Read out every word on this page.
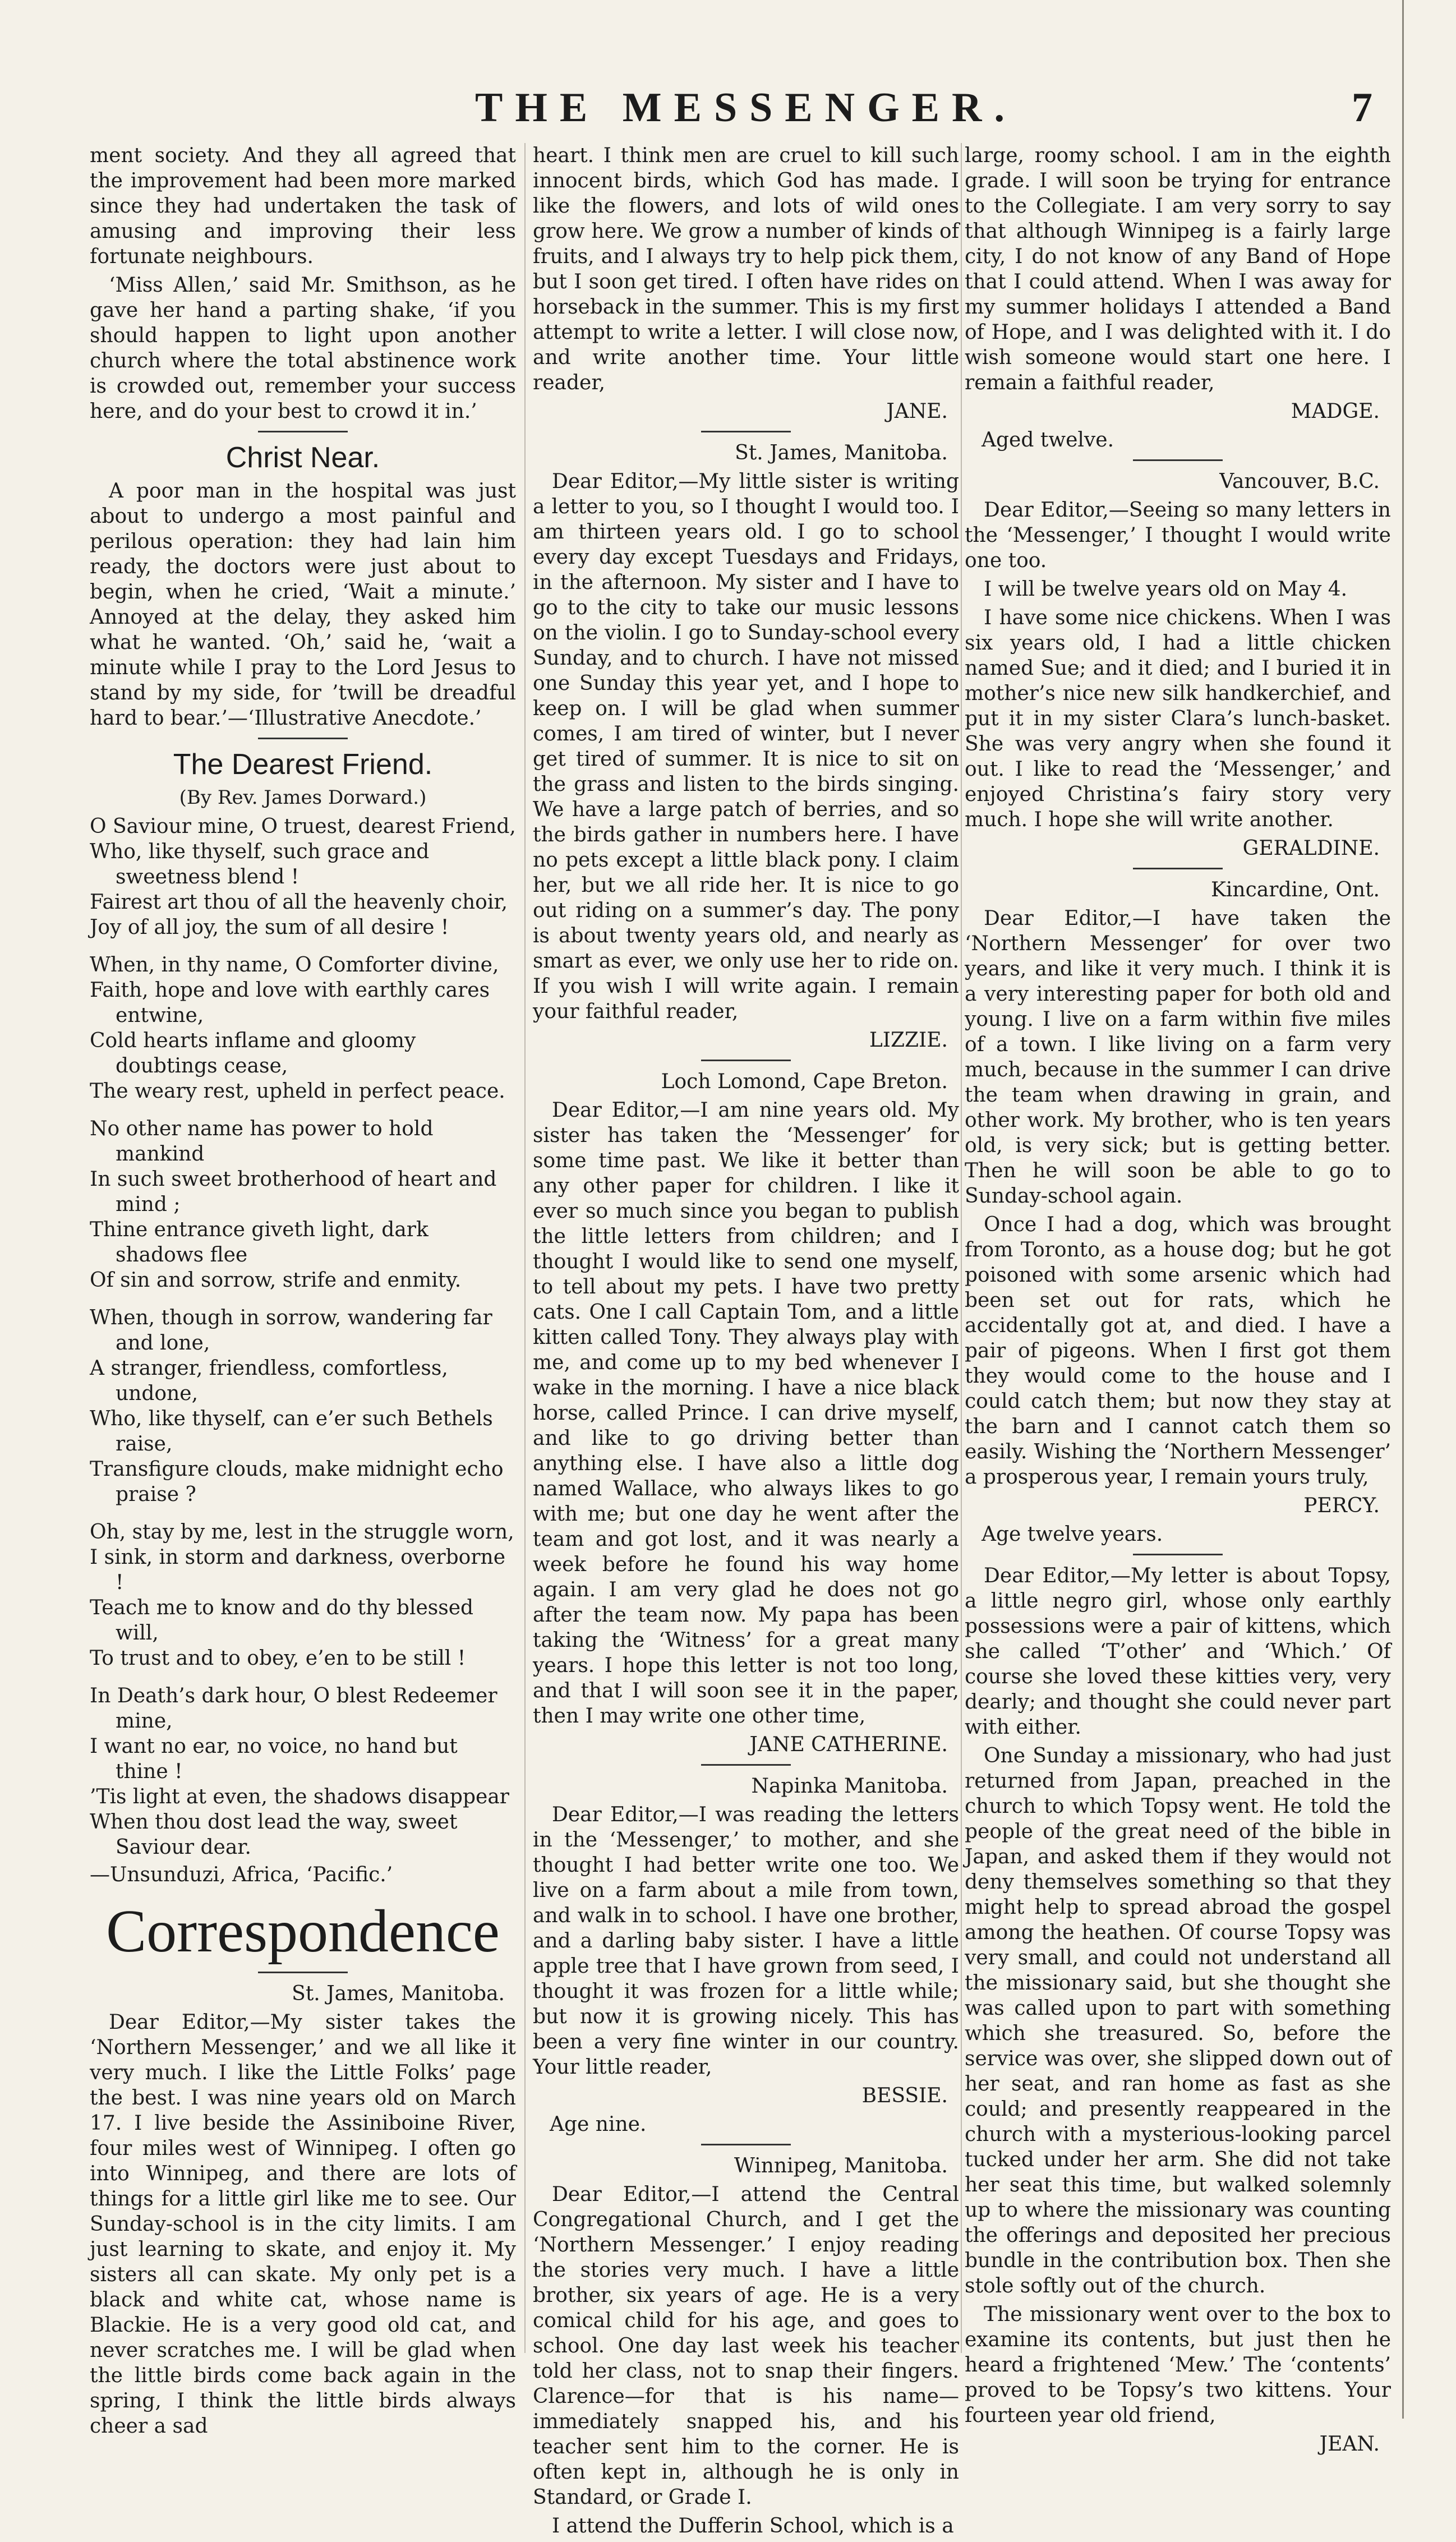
THE MESSENGER.	7

ment society. And they all agreed that the improvement had been more marked since they had undertaken the task of amusing and improving their less fortunate neighbours.

‘Miss Allen,’ said Mr. Smithson, as he gave her hand a parting shake, ‘if you should happen to light upon another church where the total abstinence work is crowded out, remember your success here, and do your best to crowd it in.’

Christ Near.

A poor man in the hospital was just about to undergo a most painful and perilous operation: they had lain him ready, the doctors were just about to begin, when he cried, ‘Wait a minute.’ Annoyed at the delay, they asked him what he wanted. ‘Oh,’ said he, ‘wait a minute while I pray to the Lord Jesus to stand by my side, for ’twill be dreadful hard to bear.’—‘Illustrative Anecdote.’

The Dearest Friend.
(By Rev. James Dorward.)
O Saviour mine, O truest, dearest Friend,
Who, like thyself, such grace and sweetness blend !
Fairest art thou of all the heavenly choir,
Joy of all joy, the sum of all desire !
When, in thy name, O Comforter divine,
Faith, hope and love with earthly cares entwine,
Cold hearts inflame and gloomy doubtings cease,
The weary rest, upheld in perfect peace.
No other name has power to hold mankind
In such sweet brotherhood of heart and mind ;
Thine entrance giveth light, dark shadows flee
Of sin and sorrow, strife and enmity.
When, though in sorrow, wandering far and lone,
A stranger, friendless, comfortless, undone,
Who, like thyself, can e’er such Bethels raise,
Transfigure clouds, make midnight echo praise ?
Oh, stay by me, lest in the struggle worn,
I sink, in storm and darkness, overborne !
Teach me to know and do thy blessed will,
To trust and to obey, e’en to be still !
In Death’s dark hour, O blest Redeemer mine,
I want no ear, no voice, no hand but thine !
’Tis light at even, the shadows disappear
When thou dost lead the way, sweet Saviour dear.

—Unsunduzi, Africa, ‘Pacific.’

Correspondence

St. James, Manitoba.

Dear Editor,—My sister takes the ‘Northern Messenger,’ and we all like it very much. I like the Little Folks’ page the best. I was nine years old on March 17. I live beside the Assiniboine River, four miles west of Winnipeg. I often go into Winnipeg, and there are lots of things for a little girl like me to see. Our Sunday-school is in the city limits. I am just learning to skate, and enjoy it. My sisters all can skate. My only pet is a black and white cat, whose name is Blackie. He is a very good old cat, and never scratches me. I will be glad when the little birds come back again in the spring, I think the little birds always cheer a sad

heart. I think men are cruel to kill such innocent birds, which God has made. I like the flowers, and lots of wild ones grow here. We grow a number of kinds of fruits, and I always try to help pick them, but I soon get tired. I often have rides on horseback in the summer. This is my first attempt to write a letter. I will close now, and write another time. Your little reader,

JANE.

St. James, Manitoba.

Dear Editor,—My little sister is writing a letter to you, so I thought I would too. I am thirteen years old. I go to school every day except Tuesdays and Fridays, in the afternoon. My sister and I have to go to the city to take our music lessons on the violin. I go to Sunday-school every Sunday, and to church. I have not missed one Sunday this year yet, and I hope to keep on. I will be glad when summer comes, I am tired of winter, but I never get tired of summer. It is nice to sit on the grass and listen to the birds singing. We have a large patch of berries, and so the birds gather in numbers here. I have no pets except a little black pony. I claim her, but we all ride her. It is nice to go out riding on a summer’s day. The pony is about twenty years old, and nearly as smart as ever, we only use her to ride on. If you wish I will write again. I remain your faithful reader,

LIZZIE.

Loch Lomond, Cape Breton.

Dear Editor,—I am nine years old. My sister has taken the ‘Messenger’ for some time past. We like it better than any other paper for children. I like it ever so much since you began to publish the little letters from children; and I thought I would like to send one myself, to tell about my pets. I have two pretty cats. One I call Captain Tom, and a little kitten called Tony. They always play with me, and come up to my bed whenever I wake in the morning. I have a nice black horse, called Prince. I can drive myself, and like to go driving better than anything else. I have also a little dog named Wallace, who always likes to go with me; but one day he went after the team and got lost, and it was nearly a week before he found his way home again. I am very glad he does not go after the team now. My papa has been taking the ‘Witness’ for a great many years. I hope this letter is not too long, and that I will soon see it in the paper, then I may write one other time,

JANE CATHERINE.

Napinka Manitoba.

Dear Editor,—I was reading the letters in the ‘Messenger,’ to mother, and she thought I had better write one too. We live on a farm about a mile from town, and walk in to school. I have one brother, and a darling baby sister. I have a little apple tree that I have grown from seed, I thought it was frozen for a little while; but now it is growing nicely. This has been a very fine winter in our country. Your little reader,

BESSIE.

Age nine.

Winnipeg, Manitoba.

Dear Editor,—I attend the Central Congregational Church, and I get the ‘Northern Messenger.’ I enjoy reading the stories very much. I have a little brother, six years of age. He is a very comical child for his age, and goes to school. One day last week his teacher told her class, not to snap their fingers. Clarence—for that is his name—immediately snapped his, and his teacher sent him to the corner. He is often kept in, although he is only in Standard, or Grade I.

I attend the Dufferin School, which is a

large, roomy school. I am in the eighth grade. I will soon be trying for entrance to the Collegiate. I am very sorry to say that although Winnipeg is a fairly large city, I do not know of any Band of Hope that I could attend. When I was away for my summer holidays I attended a Band of Hope, and I was delighted with it. I do wish someone would start one here. I remain a faithful reader,

MADGE.

Aged twelve.

Vancouver, B.C.

Dear Editor,—Seeing so many letters in the ‘Messenger,’ I thought I would write one too.

I will be twelve years old on May 4.

I have some nice chickens. When I was six years old, I had a little chicken named Sue; and it died; and I buried it in mother’s nice new silk handkerchief, and put it in my sister Clara’s lunch-basket. She was very angry when she found it out. I like to read the ‘Messenger,’ and enjoyed Christina’s fairy story very much. I hope she will write another.

GERALDINE.

Kincardine, Ont.

Dear Editor,—I have taken the ‘Northern Messenger’ for over two years, and like it very much. I think it is a very interesting paper for both old and young. I live on a farm within five miles of a town. I like living on a farm very much, because in the summer I can drive the team when drawing in grain, and other work. My brother, who is ten years old, is very sick; but is getting better. Then he will soon be able to go to Sunday-school again.

Once I had a dog, which was brought from Toronto, as a house dog; but he got poisoned with some arsenic which had been set out for rats, which he accidentally got at, and died. I have a pair of pigeons. When I first got them they would come to the house and I could catch them; but now they stay at the barn and I cannot catch them so easily. Wishing the ‘Northern Messenger’ a prosperous year, I remain yours truly,

PERCY.

Age twelve years.

Dear Editor,—My letter is about Topsy, a little negro girl, whose only earthly possessions were a pair of kittens, which she called ‘T’other’ and ‘Which.’ Of course she loved these kitties very, very dearly; and thought she could never part with either.

One Sunday a missionary, who had just returned from Japan, preached in the church to which Topsy went. He told the people of the great need of the bible in Japan, and asked them if they would not deny themselves something so that they might help to spread abroad the gospel among the heathen. Of course Topsy was very small, and could not understand all the missionary said, but she thought she was called upon to part with something which she treasured. So, before the service was over, she slipped down out of her seat, and ran home as fast as she could; and presently reappeared in the church with a mysterious-looking parcel tucked under her arm. She did not take her seat this time, but walked solemnly up to where the missionary was counting the offerings and deposited her precious bundle in the contribution box. Then she stole softly out of the church.

The missionary went over to the box to examine its contents, but just then he heard a frightened ‘Mew.’ The ‘contents’ proved to be Topsy’s two kittens. Your fourteen year old friend,

JEAN.
